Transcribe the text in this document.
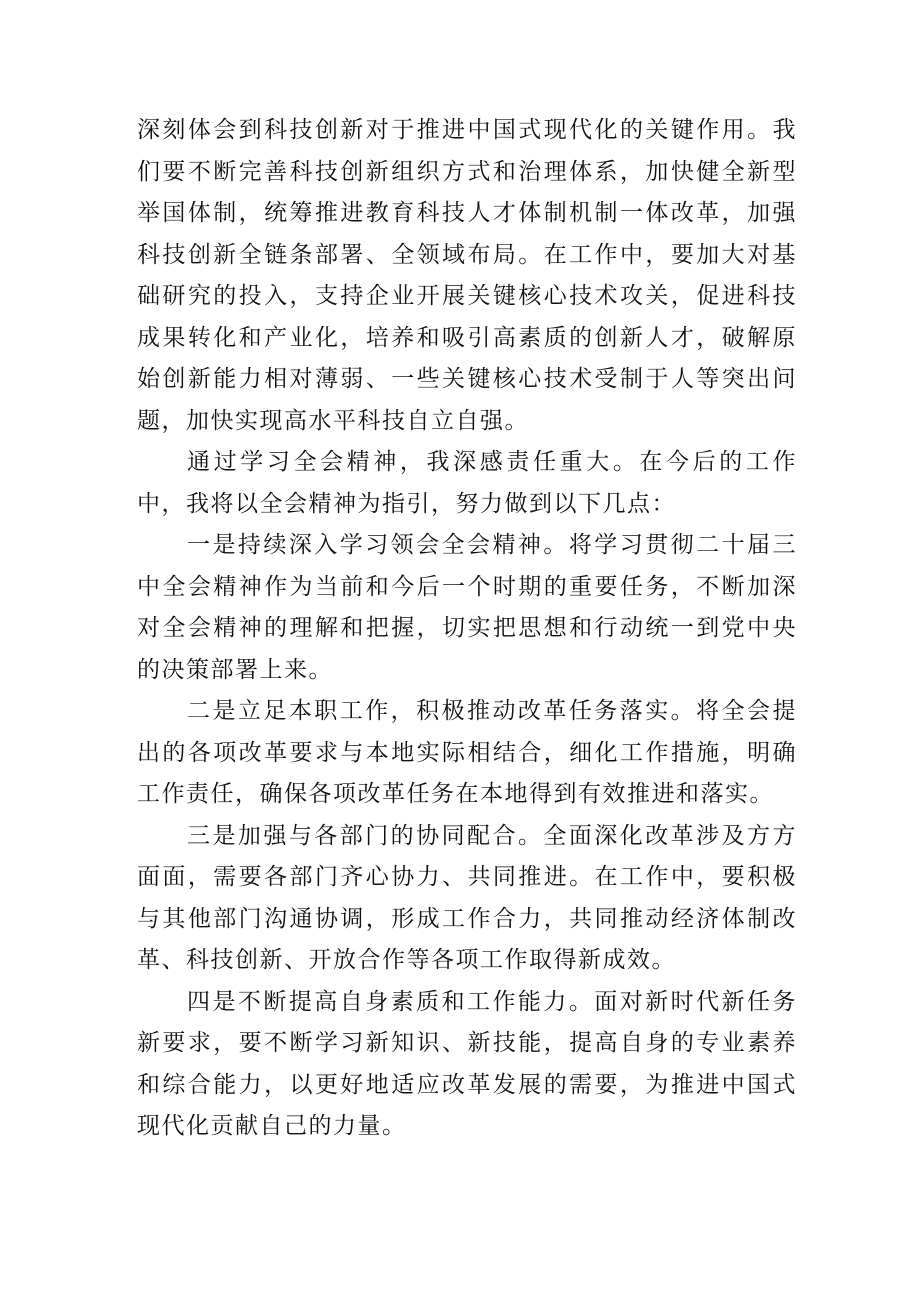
深刻体会到科技创新对于推进中国式现代化的关键作用。我们要不断完善科技创新组织方式和治理体系，加快健全新型举国体制，统筹推进教育科技人才体制机制一体改革，加强科技创新全链条部署、全领域布局。在工作中，要加大对基础研究的投入，支持企业开展关键核心技术攻关，促进科技成果转化和产业化，培养和吸引高素质的创新人才，破解原始创新能力相对薄弱、一些关键核心技术受制于人等突出问题，加快实现高水平科技自立自强。

通过学习全会精神，我深感责任重大。在今后的工作中，我将以全会精神为指引，努力做到以下几点：

一是持续深入学习领会全会精神。将学习贯彻二十届三中全会精神作为当前和今后一个时期的重要任务，不断加深对全会精神的理解和把握，切实把思想和行动统一到党中央的决策部署上来。

二是立足本职工作，积极推动改革任务落实。将全会提出的各项改革要求与本地实际相结合，细化工作措施，明确工作责任，确保各项改革任务在本地得到有效推进和落实。

三是加强与各部门的协同配合。全面深化改革涉及方方面面，需要各部门齐心协力、共同推进。在工作中，要积极与其他部门沟通协调，形成工作合力，共同推动经济体制改革、科技创新、开放合作等各项工作取得新成效。

四是不断提高自身素质和工作能力。面对新时代新任务新要求，要不断学习新知识、新技能，提高自身的专业素养和综合能力，以更好地适应改革发展的需要，为推进中国式现代化贡献自己的力量。
